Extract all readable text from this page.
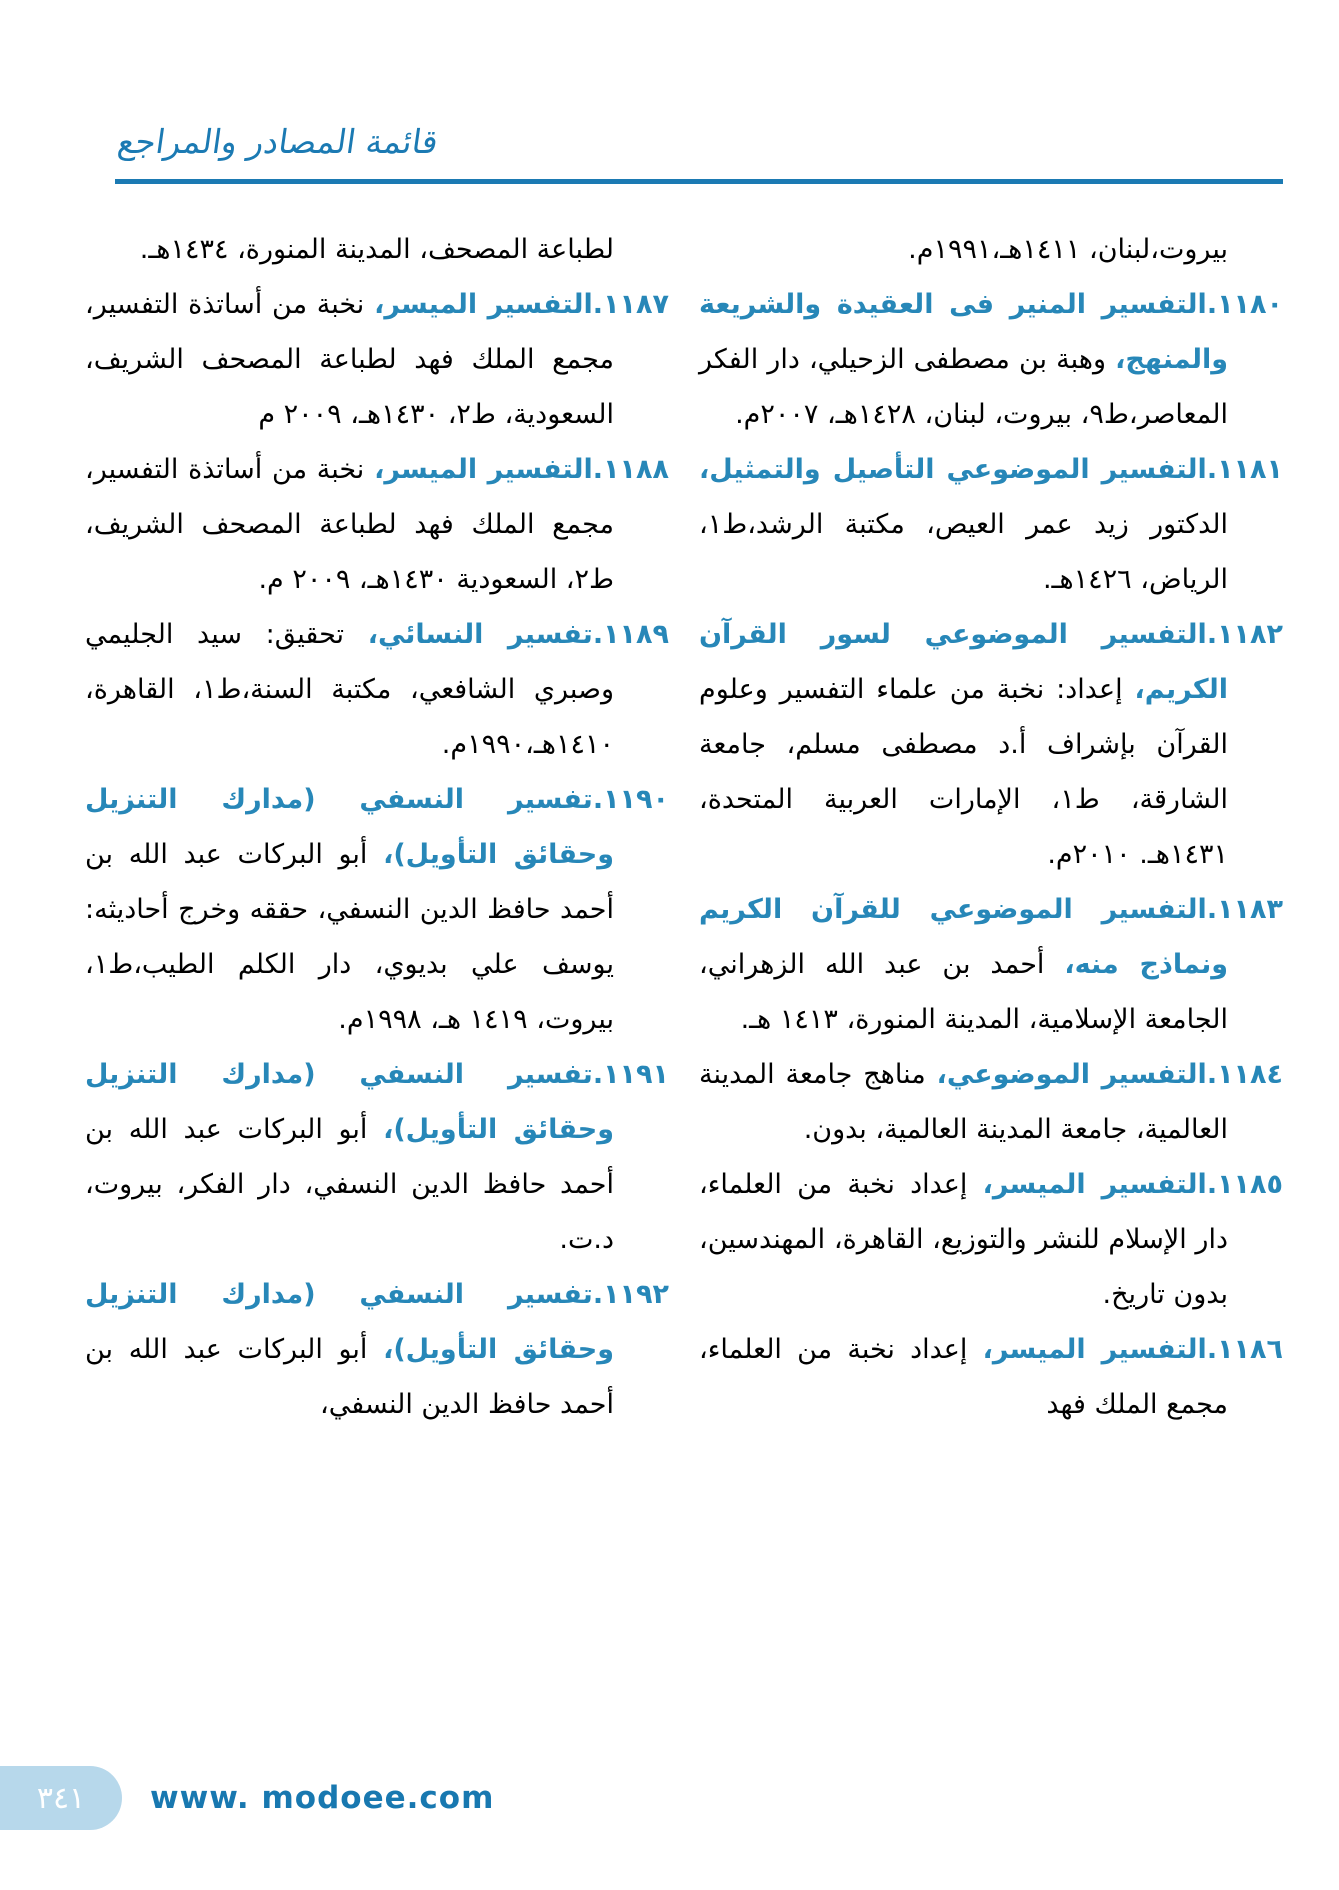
قائمة المصادر والمراجع

بيروت،لبنان، ١٤١١هـ،١٩٩١م.

١١٨٠.التفسير المنير فى العقيدة والشريعة والمنهج، وهبة بن مصطفى الزحيلي، دار الفكر المعاصر،ط٩، بيروت، لبنان، ١٤٢٨هـ، ٢٠٠٧م.

١١٨١.التفسير الموضوعي التأصيل والتمثيل، الدكتور زيد عمر العيص، مكتبة الرشد،ط١، الرياض، ١٤٢٦هـ.

١١٨٢.التفسير الموضوعي لسور القرآن الكريم، إعداد: نخبة من علماء التفسير وعلوم القرآن بإشراف أ.د مصطفى مسلم، جامعة الشارقة، ط١، الإمارات العربية المتحدة، ١٤٣١هـ. ٢٠١٠م.

١١٨٣.التفسير الموضوعي للقرآن الكريم ونماذج منه، أحمد بن عبد الله الزهراني، الجامعة الإسلامية، المدينة المنورة، ١٤١٣ هـ.

١١٨٤.التفسير الموضوعي، مناهج جامعة المدينة العالمية، جامعة المدينة العالمية، بدون.

١١٨٥.التفسير الميسر، إعداد نخبة من العلماء، دار الإسلام للنشر والتوزيع، القاهرة، المهندسين، بدون تاريخ.

١١٨٦.التفسير الميسر، إعداد نخبة من العلماء، مجمع الملك فهد

لطباعة المصحف، المدينة المنورة، ١٤٣٤هـ.

١١٨٧.التفسير الميسر، نخبة من أساتذة التفسير، مجمع الملك فهد لطباعة المصحف الشريف، السعودية، ط٢، ١٤٣٠هـ، ٢٠٠٩ م

١١٨٨.التفسير الميسر، نخبة من أساتذة التفسير، مجمع الملك فهد لطباعة المصحف الشريف، ط٢، السعودية ١٤٣٠هـ، ٢٠٠٩ م.

١١٨٩.تفسير النسائي، تحقيق: سيد الجليمي وصبري الشافعي، مكتبة السنة،ط١، القاهرة، ١٤١٠هـ،١٩٩٠م.

١١٩٠.تفسير النسفي (مدارك التنزيل وحقائق التأويل)، أبو البركات عبد الله بن أحمد حافظ الدين النسفي، حققه وخرج أحاديثه: يوسف علي بديوي، دار الكلم الطيب،ط١، بيروت، ١٤١٩ هـ، ١٩٩٨م.

١١٩١.تفسير النسفي (مدارك التنزيل وحقائق التأويل)، أبو البركات عبد الله بن أحمد حافظ الدين النسفي، دار الفكر، بيروت، د.ت.

١١٩٢.تفسير النسفي (مدارك التنزيل وحقائق التأويل)، أبو البركات عبد الله بن أحمد حافظ الدين النسفي،

٣٤١ www. modoee.com
